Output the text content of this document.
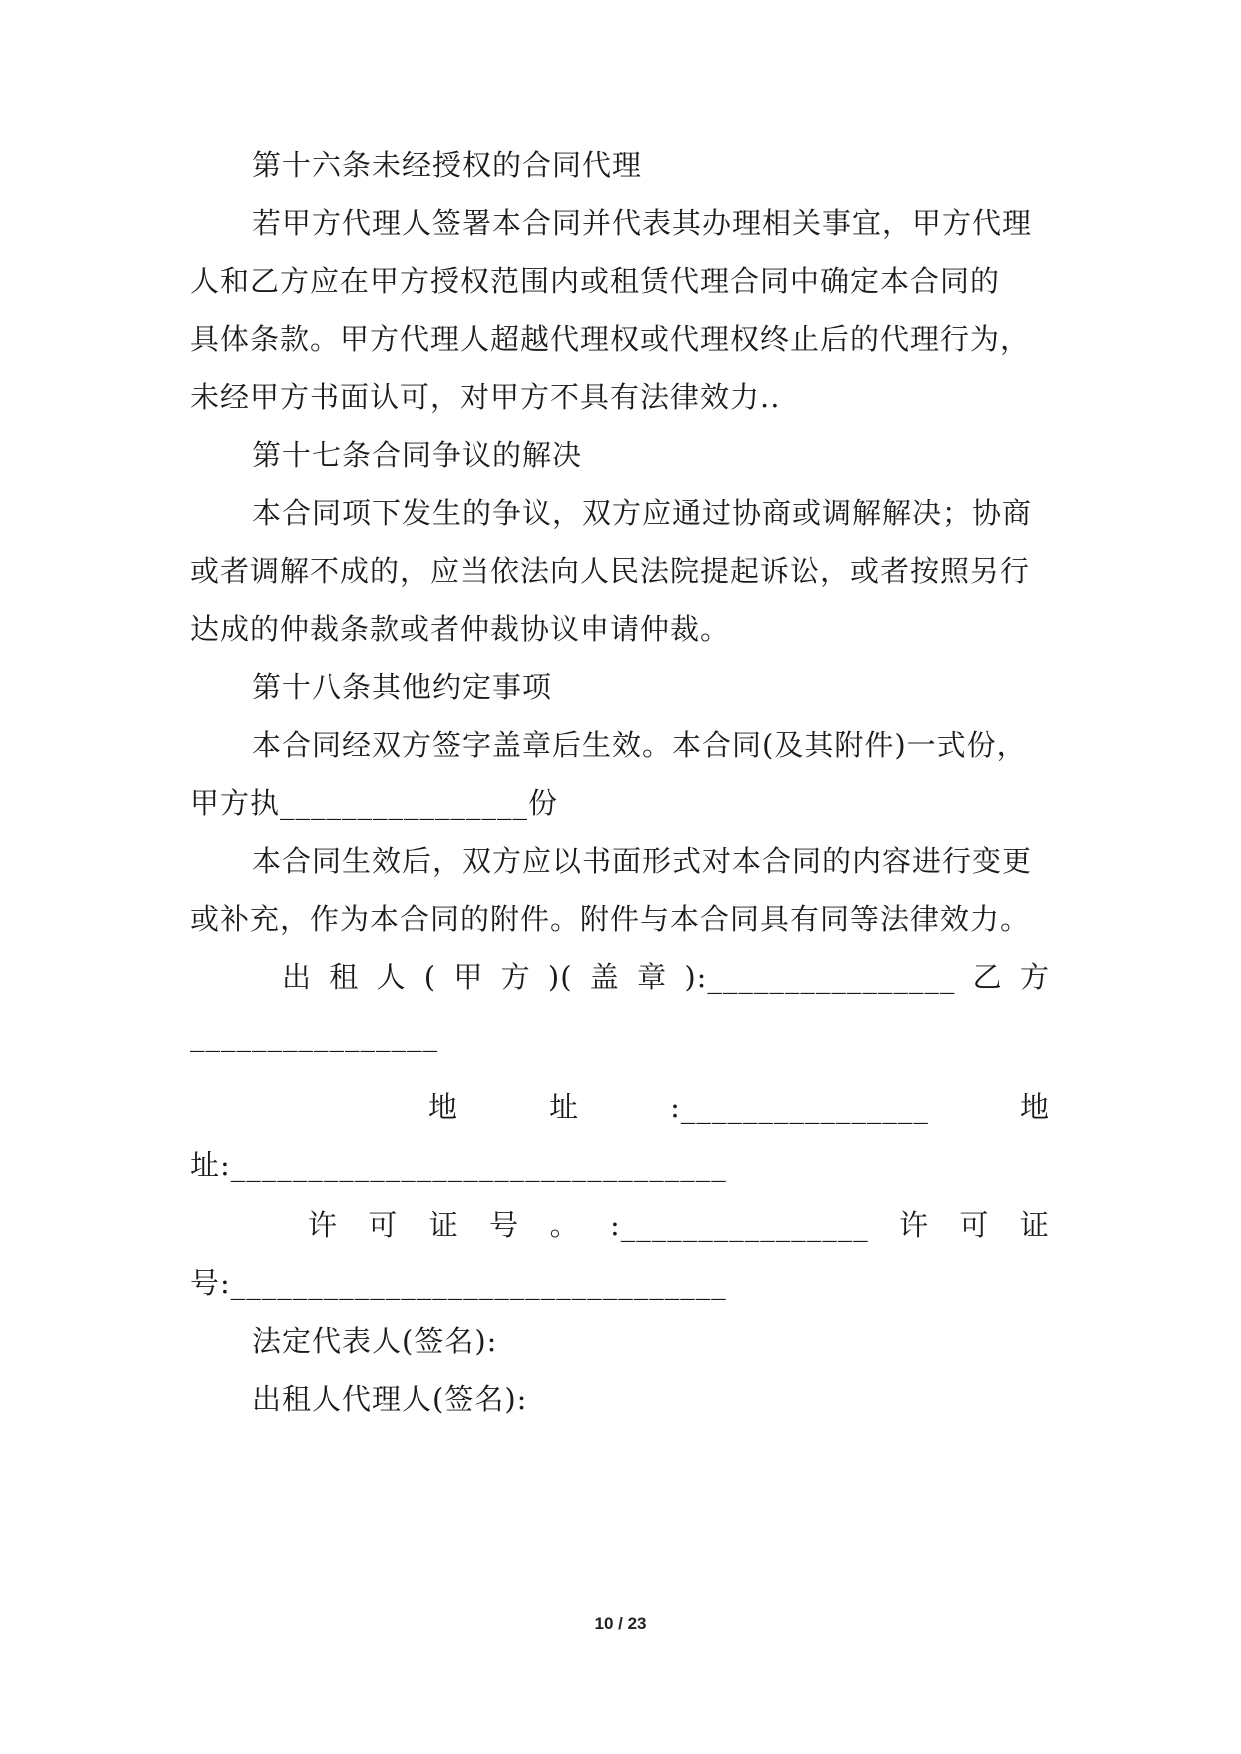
第十六条未经授权的合同代理
若甲方代理人签署本合同并代表其办理相关事宜，甲方代理
人和乙方应在甲方授权范围内或租赁代理合同中确定本合同的
具体条款。甲方代理人超越代理权或代理权终止后的代理行为，
未经甲方书面认可，对甲方不具有法律效力..
第十七条合同争议的解决
本合同项下发生的争议，双方应通过协商或调解解决；协商
或者调解不成的，应当依法向人民法院提起诉讼，或者按照另行
达成的仲裁条款或者仲裁协议申请仲裁。
第十八条其他约定事项
本合同经双方签字盖章后生效。本合同(及其附件)一式份，
甲方执________________份
本合同生效后，双方应以书面形式对本合同的内容进行变更
或补充，作为本合同的附件。附件与本合同具有同等法律效力。
出 租 人 ( 甲 方 )( 盖 章 ):________________ 乙 方
________________
地	址	:________________	地
址:________________________________
许 可 证 号 。 :________________ 许 可 证
号:________________________________
法定代表人(签名):
出租人代理人(签名):
10 / 23
